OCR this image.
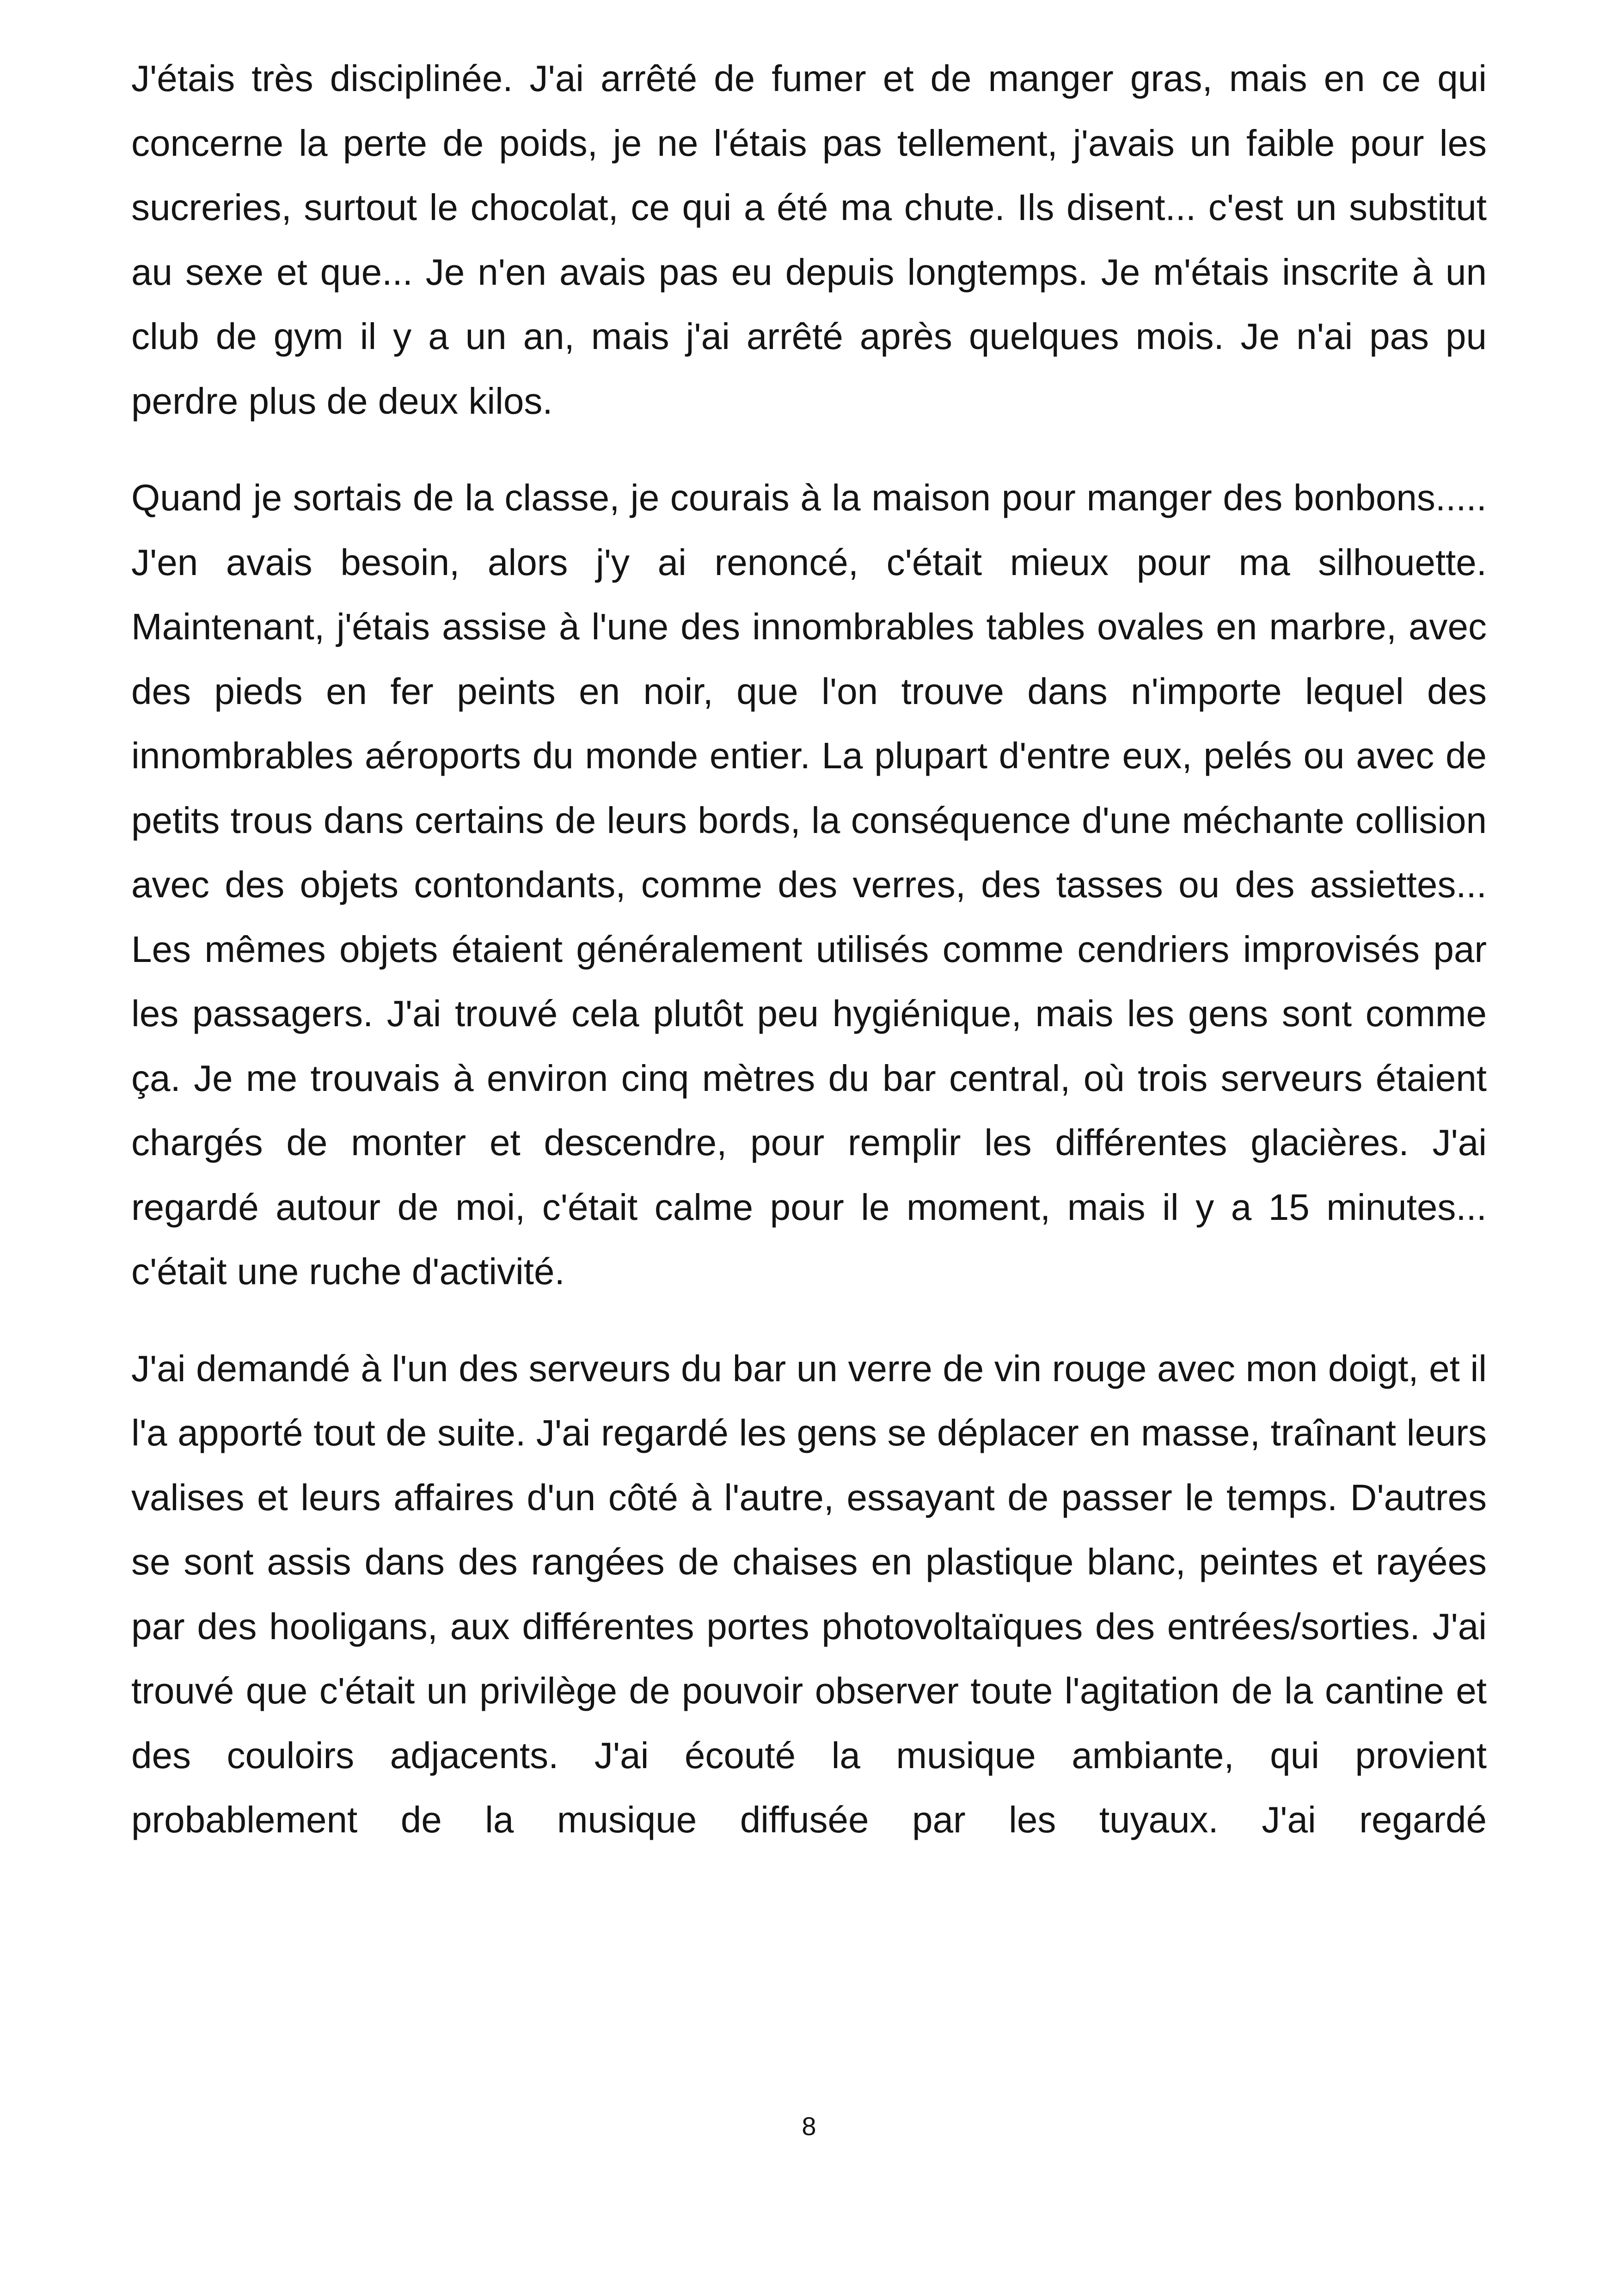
J'étais très disciplinée. J'ai arrêté de fumer et de manger gras, mais en ce qui concerne la perte de poids, je ne l'étais pas tellement, j'avais un faible pour les sucreries, surtout le chocolat, ce qui a été ma chute. Ils disent... c'est un substitut au sexe et que... Je n'en avais pas eu depuis longtemps. Je m'étais inscrite à un club de gym il y a un an, mais j'ai arrêté après quelques mois. Je n'ai pas pu perdre plus de deux kilos.

Quand je sortais de la classe, je courais à la maison pour manger des bonbons..... J'en avais besoin, alors j'y ai renoncé, c'était mieux pour ma silhouette. Maintenant, j'étais assise à l'une des innombrables tables ovales en marbre, avec des pieds en fer peints en noir, que l'on trouve dans n'importe lequel des innombrables aéroports du monde entier. La plupart d'entre eux, pelés ou avec de petits trous dans certains de leurs bords, la conséquence d'une méchante collision avec des objets contondants, comme des verres, des tasses ou des assiettes... Les mêmes objets étaient généralement utilisés comme cendriers improvisés par les passagers. J'ai trouvé cela plutôt peu hygiénique, mais les gens sont comme ça. Je me trouvais à environ cinq mètres du bar central, où trois serveurs étaient chargés de monter et descendre, pour remplir les différentes glacières. J'ai regardé autour de moi, c'était calme pour le moment, mais il y a 15 minutes... c'était une ruche d'activité.

J'ai demandé à l'un des serveurs du bar un verre de vin rouge avec mon doigt, et il l'a apporté tout de suite. J'ai regardé les gens se déplacer en masse, traînant leurs valises et leurs affaires d'un côté à l'autre, essayant de passer le temps. D'autres se sont assis dans des rangées de chaises en plastique blanc, peintes et rayées par des hooligans, aux différentes portes photovoltaïques des entrées/sorties. J'ai trouvé que c'était un privilège de pouvoir observer toute l'agitation de la cantine et des couloirs adjacents. J'ai écouté la musique ambiante, qui provient probablement de la musique diffusée par les tuyaux. J'ai regardé

8
